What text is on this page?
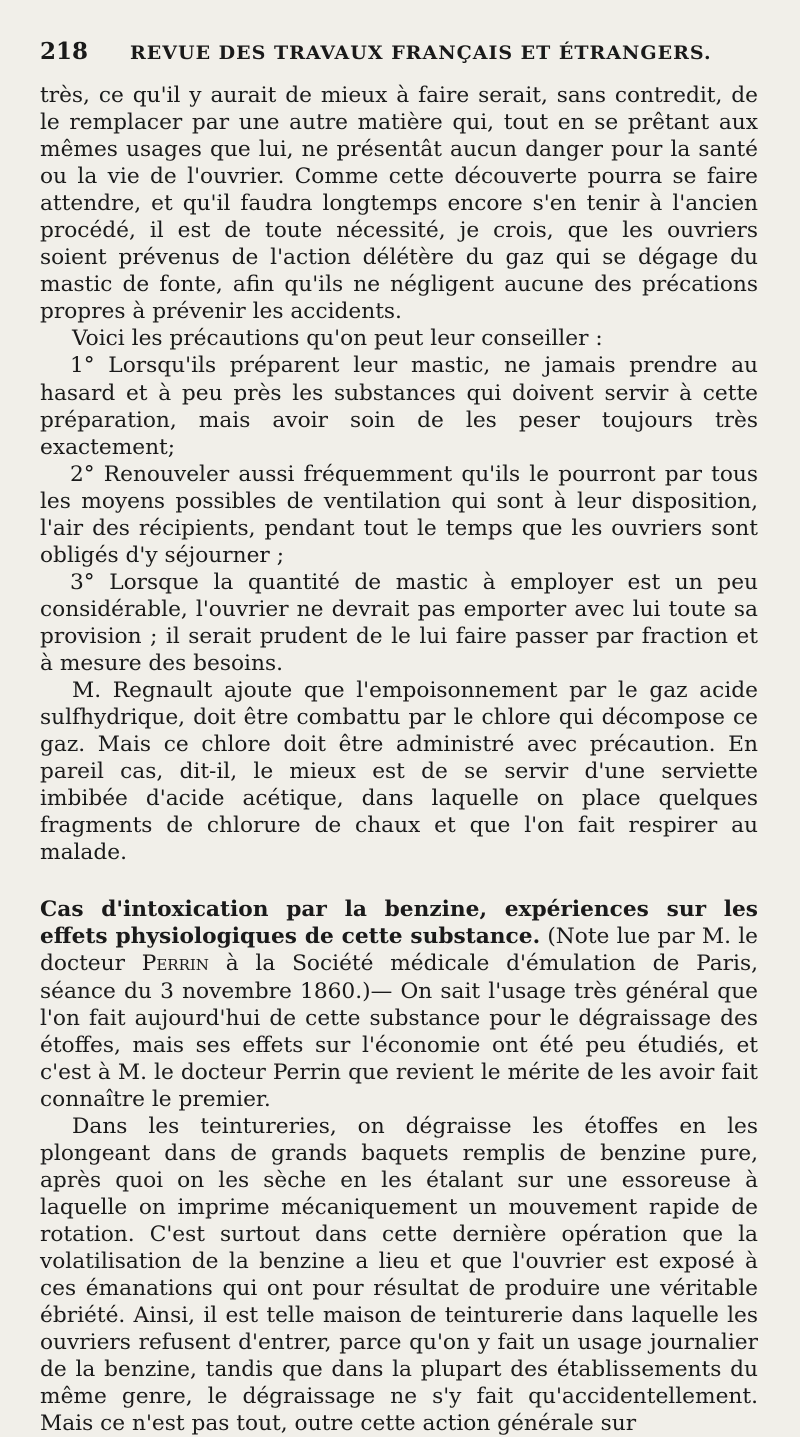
218	REVUE DES TRAVAUX FRANÇAIS ET ÉTRANGERS.

très, ce qu'il y aurait de mieux à faire serait, sans contredit, de le remplacer par une autre matière qui, tout en se prêtant aux mêmes usages que lui, ne présentât aucun danger pour la santé ou la vie de l'ouvrier. Comme cette découverte pourra se faire attendre, et qu'il faudra longtemps encore s'en tenir à l'ancien procédé, il est de toute nécessité, je crois, que les ouvriers soient prévenus de l'action délétère du gaz qui se dégage du mastic de fonte, afin qu'ils ne négligent aucune des précations propres à prévenir les accidents.

Voici les précautions qu'on peut leur conseiller :

1° Lorsqu'ils préparent leur mastic, ne jamais prendre au hasard et à peu près les substances qui doivent servir à cette préparation, mais avoir soin de les peser toujours très exactement;

2° Renouveler aussi fréquemment qu'ils le pourront par tous les moyens possibles de ventilation qui sont à leur disposition, l'air des récipients, pendant tout le temps que les ouvriers sont obligés d'y séjourner ;

3° Lorsque la quantité de mastic à employer est un peu considérable, l'ouvrier ne devrait pas emporter avec lui toute sa provision ; il serait prudent de le lui faire passer par fraction et à mesure des besoins.

M. Regnault ajoute que l'empoisonnement par le gaz acide sulfhydrique, doit être combattu par le chlore qui décompose ce gaz. Mais ce chlore doit être administré avec précaution. En pareil cas, dit-il, le mieux est de se servir d'une serviette imbibée d'acide acétique, dans laquelle on place quelques fragments de chlorure de chaux et que l'on fait respirer au malade.

Cas d'intoxication par la benzine, expériences sur les effets physiologiques de cette substance. (Note lue par M. le docteur Perrin à la Société médicale d'émulation de Paris, séance du 3 novembre 1860.)— On sait l'usage très général que l'on fait aujourd'hui de cette substance pour le dégraissage des étoffes, mais ses effets sur l'économie ont été peu étudiés, et c'est à M. le docteur Perrin que revient le mérite de les avoir fait connaître le premier.

Dans les teintureries, on dégraisse les étoffes en les plongeant dans de grands baquets remplis de benzine pure, après quoi on les sèche en les étalant sur une essoreuse à laquelle on imprime mécaniquement un mouvement rapide de rotation. C'est surtout dans cette dernière opération que la volatilisation de la benzine a lieu et que l'ouvrier est exposé à ces émanations qui ont pour résultat de produire une véritable ébriété. Ainsi, il est telle maison de teinturerie dans laquelle les ouvriers refusent d'entrer, parce qu'on y fait un usage journalier de la benzine, tandis que dans la plupart des établissements du même genre, le dégraissage ne s'y fait qu'accidentellement. Mais ce n'est pas tout, outre cette action générale sur
